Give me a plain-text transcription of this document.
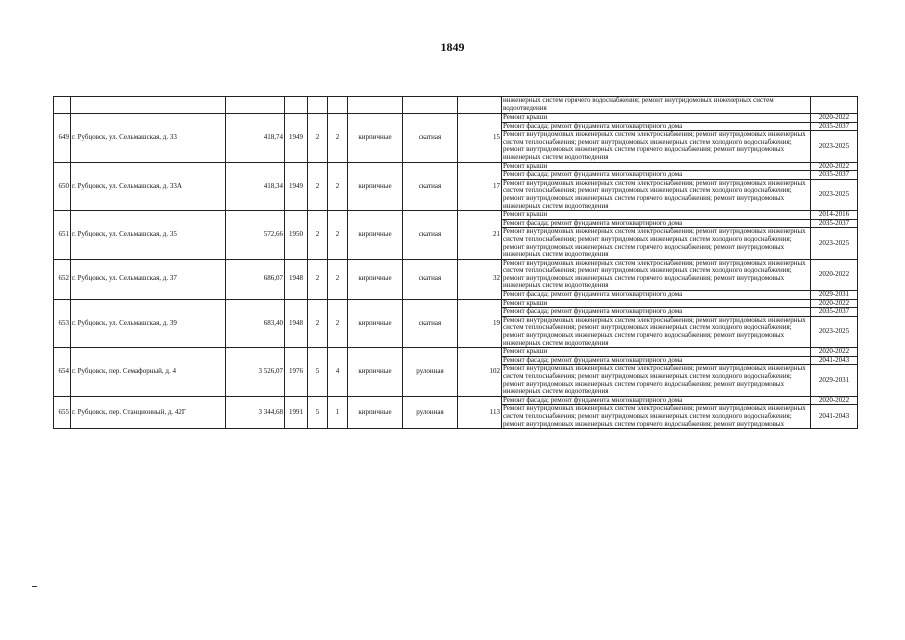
1849
									инженерных систем горячего водоснабжения; ремонт внутридомовых инженерных систем водоотведения	
649	г. Рубцовск, ул. Сельмашская, д. 33	418,74	1949	2	2	кирпичные	скатная	15	Ремонт крыши	2020-2022
									Ремонт фасада; ремонт фундамента многоквартирного дома	2035-2037
									Ремонт внутридомовых инженерных систем электроснабжения; ремонт внутридомовых инженерных систем теплоснабжения; ремонт внутридомовых инженерных систем холодного водоснабжения; ремонт внутридомовых инженерных систем горячего водоснабжения; ремонт внутридомовых инженерных систем водоотведения	2023-2025
650	г. Рубцовск, ул. Сельмашская, д. 33А	418,34	1949	2	2	кирпичные	скатная	17	Ремонт крыши	2020-2022
									Ремонт фасада; ремонт фундамента многоквартирного дома	2035-2037
									Ремонт внутридомовых инженерных систем электроснабжения; ремонт внутридомовых инженерных систем теплоснабжения; ремонт внутридомовых инженерных систем холодного водоснабжения; ремонт внутридомовых инженерных систем горячего водоснабжения; ремонт внутридомовых инженерных систем водоотведения	2023-2025
651	г. Рубцовск, ул. Сельмашская, д. 35	572,66	1950	2	2	кирпичные	скатная	21	Ремонт крыши	2014-2016
									Ремонт фасада; ремонт фундамента многоквартирного дома	2035-2037
									Ремонт внутридомовых инженерных систем электроснабжения; ремонт внутридомовых инженерных систем теплоснабжения; ремонт внутридомовых инженерных систем холодного водоснабжения; ремонт внутридомовых инженерных систем горячего водоснабжения; ремонт внутридомовых инженерных систем водоотведения	2023-2025
652	г. Рубцовск, ул. Сельмашская, д. 37	686,07	1948	2	2	кирпичные	скатная	32	Ремонт внутридомовых инженерных систем электроснабжения; ремонт внутридомовых инженерных систем теплоснабжения; ремонт внутридомовых инженерных систем холодного водоснабжения; ремонт внутридомовых инженерных систем горячего водоснабжения; ремонт внутридомовых инженерных систем водоотведения	2020-2022
									Ремонт фасада; ремонт фундамента многоквартирного дома	2029-2031
653	г. Рубцовск, ул. Сельмашская, д. 39	683,40	1948	2	2	кирпичные	скатная	19	Ремонт крыши	2020-2022
									Ремонт фасада; ремонт фундамента многоквартирного дома	2035-2037
									Ремонт внутридомовых инженерных систем электроснабжения; ремонт внутридомовых инженерных систем теплоснабжения; ремонт внутридомовых инженерных систем холодного водоснабжения; ремонт внутридомовых инженерных систем горячего водоснабжения; ремонт внутридомовых инженерных систем водоотведения	2023-2025
654	г. Рубцовск, пер. Семафорный, д. 4	3 526,07	1976	5	4	кирпичные	рулонная	102	Ремонт крыши	2020-2022
									Ремонт фасада; ремонт фундамента многоквартирного дома	2041-2043
									Ремонт внутридомовых инженерных систем электроснабжения; ремонт внутридомовых инженерных систем теплоснабжения; ремонт внутридомовых инженерных систем холодного водоснабжения; ремонт внутридомовых инженерных систем горячего водоснабжения; ремонт внутридомовых инженерных систем водоотведения	2029-2031
655	г. Рубцовск, пер. Станционный, д. 42Г	3 344,68	1991	5	1	кирпичные	рулонная	113	Ремонт фасада; ремонт фундамента многоквартирного дома	2020-2022
									Ремонт внутридомовых инженерных систем электроснабжения; ремонт внутридомовых инженерных систем теплоснабжения; ремонт внутридомовых инженерных систем холодного водоснабжения; ремонт внутридомовых инженерных систем горячего водоснабжения; ремонт внутридомовых	2041-2043
